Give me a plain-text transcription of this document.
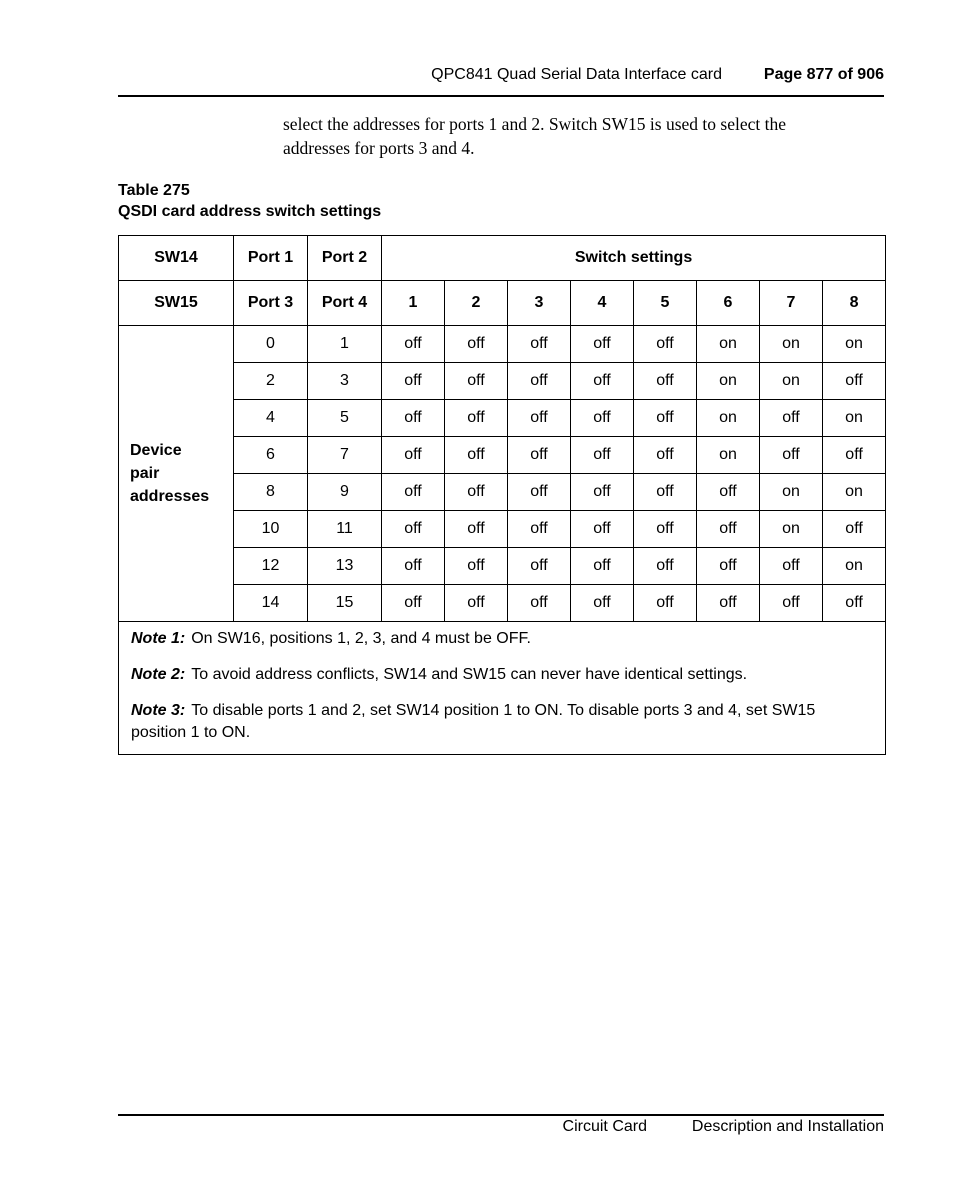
QPC841 Quad Serial Data Interface card	Page 877 of 906
select the addresses for ports 1 and 2. Switch SW15 is used to select the
addresses for ports 3 and 4.
Table 275
QSDI card address switch settings
SW14	Port 1	Port 2	Switch settings							
SW15	Port 3	Port 4	1	2	3	4	5	6	7	8

Device
pair
addresses	0	1	off	off	off	off	off	on	on	on
	2	3	off	off	off	off	off	on	on	off
	4	5	off	off	off	off	off	on	off	on
	6	7	off	off	off	off	off	on	off	off
	8	9	off	off	off	off	off	off	on	on
	10	11	off	off	off	off	off	off	on	off
	12	13	off	off	off	off	off	off	off	on
	14	15	off	off	off	off	off	off	off	off

Note 1: On SW16, positions 1, 2, 3, and 4 must be OFF.
Note 2: To avoid address conflicts, SW14 and SW15 can never have identical settings.
Note 3: To disable ports 1 and 2, set SW14 position 1 to ON. To disable ports 3 and 4, set SW15 position 1 to ON.										
Circuit Card	Description and Installation
